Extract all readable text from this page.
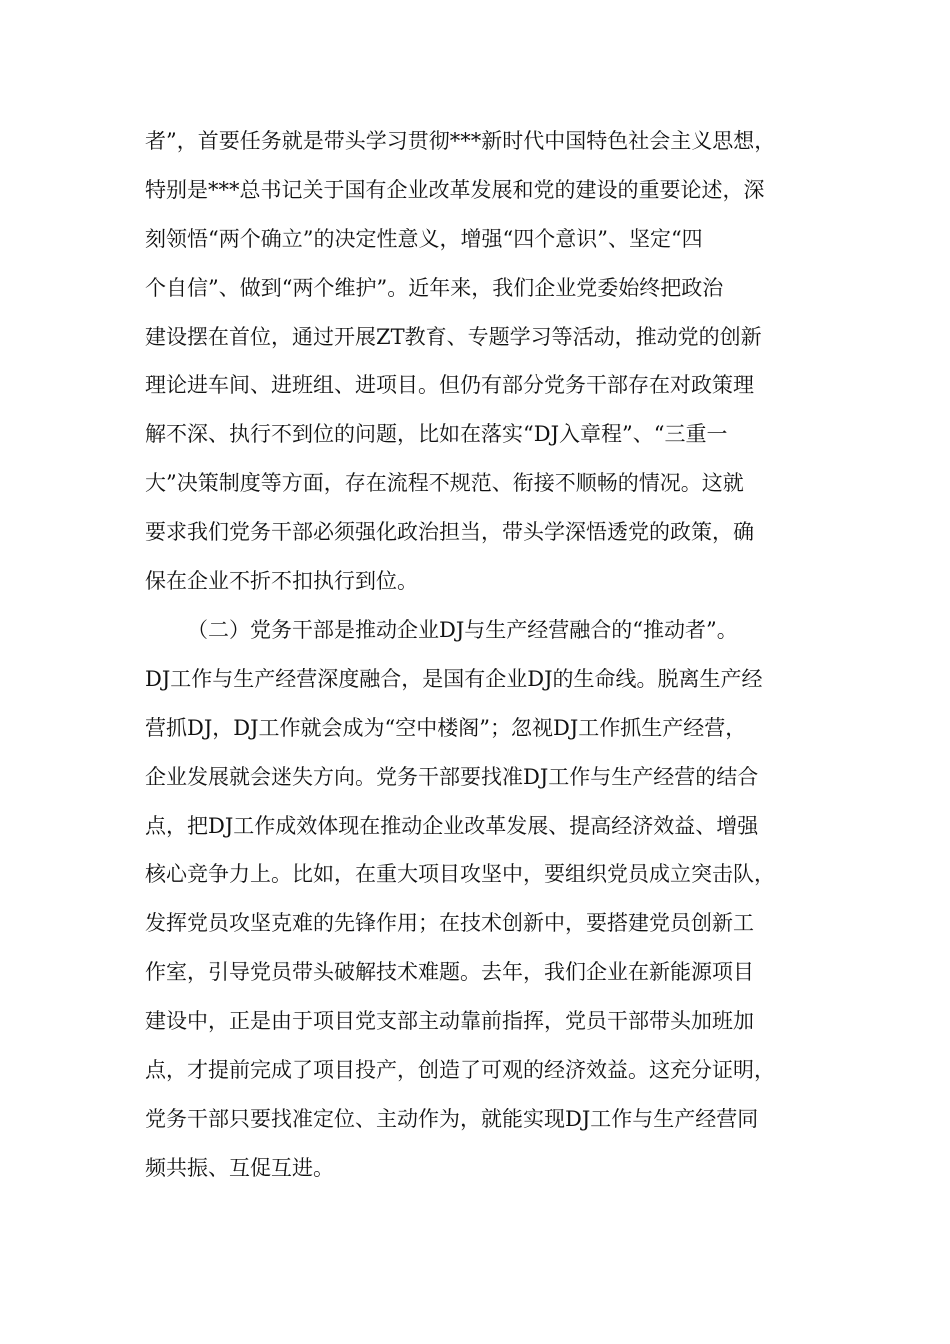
者”，首要任务就是带头学习贯彻***新时代中国特色社会主义思想，
特别是***总书记关于国有企业改革发展和党的建设的重要论述，深
刻领悟“两个确立”的决定性意义，增强“四个意识”、坚定“四
个自信”、做到“两个维护”。近年来，我们企业党委始终把政治
建设摆在首位，通过开展ZT教育、专题学习等活动，推动党的创新
理论进车间、进班组、进项目。但仍有部分党务干部存在对政策理
解不深、执行不到位的问题，比如在落实“DJ入章程”、“三重一
大”决策制度等方面，存在流程不规范、衔接不顺畅的情况。这就
要求我们党务干部必须强化政治担当，带头学深悟透党的政策，确
保在企业不折不扣执行到位。
（二）党务干部是推动企业DJ与生产经营融合的“推动者”。
DJ工作与生产经营深度融合，是国有企业DJ的生命线。脱离生产经
营抓DJ，DJ工作就会成为“空中楼阁”；忽视DJ工作抓生产经营，
企业发展就会迷失方向。党务干部要找准DJ工作与生产经营的结合
点，把DJ工作成效体现在推动企业改革发展、提高经济效益、增强
核心竞争力上。比如，在重大项目攻坚中，要组织党员成立突击队，
发挥党员攻坚克难的先锋作用；在技术创新中，要搭建党员创新工
作室，引导党员带头破解技术难题。去年，我们企业在新能源项目
建设中，正是由于项目党支部主动靠前指挥，党员干部带头加班加
点，才提前完成了项目投产，创造了可观的经济效益。这充分证明，
党务干部只要找准定位、主动作为，就能实现DJ工作与生产经营同
频共振、互促互进。
